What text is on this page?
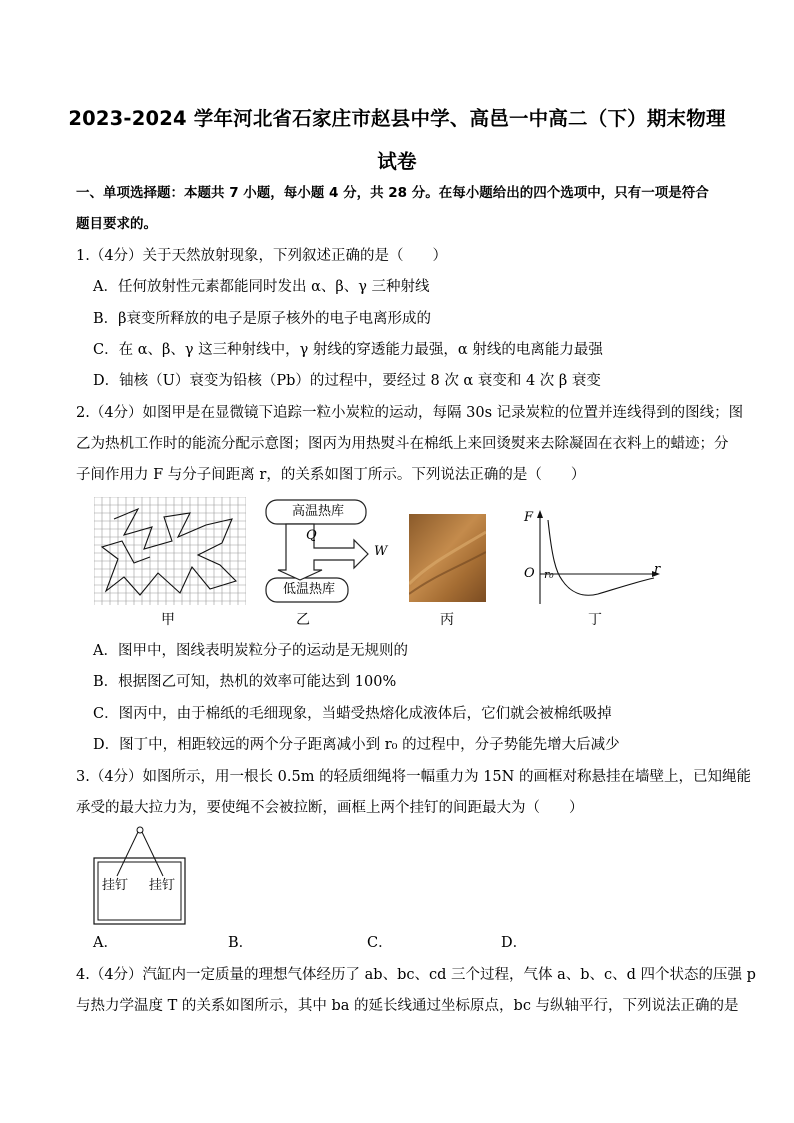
2023-2024 学年河北省石家庄市赵县中学、高邑一中高二（下）期末物理
试卷
一、单项选择题：本题共 7 小题，每小题 4 分，共 28 分。在每小题给出的四个选项中，只有一项是符合
题目要求的。
1.（4分）关于天然放射现象，下列叙述正确的是（　　）
A．任何放射性元素都能同时发出 α、β、γ 三种射线
B．β衰变所释放的电子是原子核外的电子电离形成的
C．在 α、β、γ 这三种射线中，γ 射线的穿透能力最强，α 射线的电离能力最强
D．铀核（U）衰变为铅核（Pb）的过程中，要经过 8 次 α 衰变和 4 次 β 衰变
2.（4分）如图甲是在显微镜下追踪一粒小炭粒的运动，每隔 30s 记录炭粒的位置并连线得到的图线；图
乙为热机工作时的能流分配示意图；图丙为用热熨斗在棉纸上来回烫熨来去除凝固在衣料上的蜡迹；分
子间作用力 F 与分子间距离 r，的关系如图丁所示。下列说法正确的是（　　）
甲
高温热库
低温热库
Q
W
乙	丙
F
O r₀	r
丁
A．图甲中，图线表明炭粒分子的运动是无规则的
B．根据图乙可知，热机的效率可能达到 100%
C．图丙中，由于棉纸的毛细现象，当蜡受热熔化成液体后，它们就会被棉纸吸掉
D．图丁中，相距较远的两个分子距离减小到 r₀ 的过程中，分子势能先增大后减少
3.（4分）如图所示，用一根长 0.5m 的轻质细绳将一幅重力为 15N 的画框对称悬挂在墙壁上，已知绳能
承受的最大拉力为，要使绳不会被拉断，画框上两个挂钉的间距最大为（　　）
挂钉 挂钉
A．	B．	C．	D．
4.（4分）汽缸内一定质量的理想气体经历了 ab、bc、cd 三个过程，气体 a、b、c、d 四个状态的压强 p
与热力学温度 T 的关系如图所示，其中 ba 的延长线通过坐标原点，bc 与纵轴平行，下列说法正确的是
